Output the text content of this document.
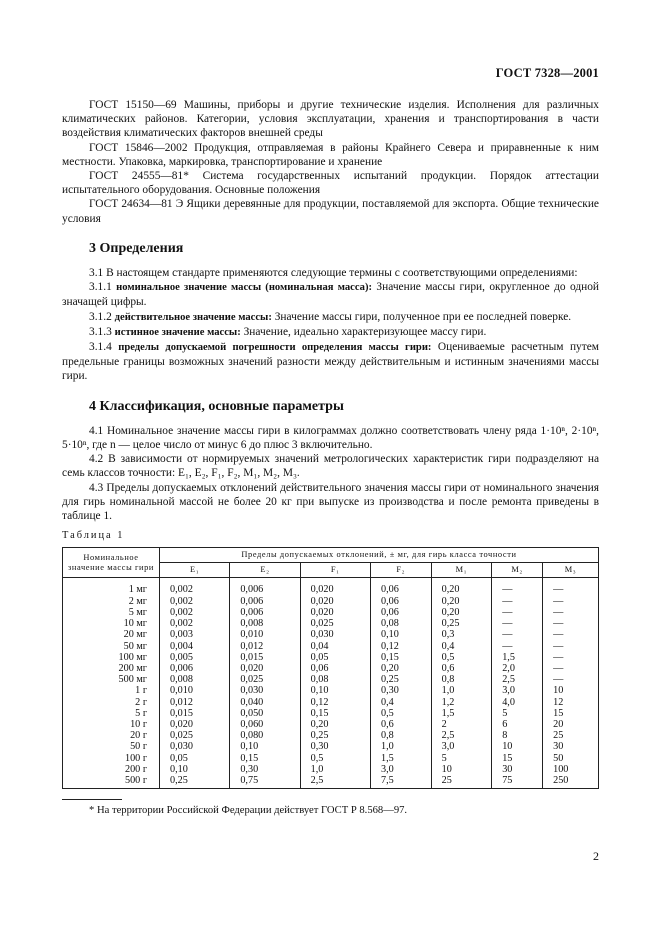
ГОСТ 7328—2001

ГОСТ 15150—69 Машины, приборы и другие технические изделия. Исполнения для различных климатических районов. Категории, условия эксплуатации, хранения и транспортирования в части воздействия климатических факторов внешней среды

ГОСТ 15846—2002 Продукция, отправляемая в районы Крайнего Севера и приравненные к ним местности. Упаковка, маркировка, транспортирование и хранение

ГОСТ 24555—81* Система государственных испытаний продукции. Порядок аттестации испытательного оборудования. Основные положения

ГОСТ 24634—81 Э Ящики деревянные для продукции, поставляемой для экспорта. Общие технические условия

3 Определения

3.1 В настоящем стандарте применяются следующие термины с соответствующими определениями:

3.1.1 номинальное значение массы (номинальная масса): Значение массы гири, округленное до одной значащей цифры.

3.1.2 действительное значение массы: Значение массы гири, полученное при ее последней поверке.

3.1.3 истинное значение массы: Значение, идеально характеризующее массу гири.

3.1.4 пределы допускаемой погрешности определения массы гири: Оцениваемые расчетным путем предельные границы возможных значений разности между действительным и истинным значениями массы гири.

4 Классификация, основные параметры

4.1 Номинальное значение массы гири в килограммах должно соответствовать члену ряда 1·10ⁿ, 2·10ⁿ, 5·10ⁿ, где n — целое число от минус 6 до плюс 3 включительно.

4.2 В зависимости от нормируемых значений метрологических характеристик гири подразделяют на семь классов точности: E₁, E₂, F₁, F₂, M₁, M₂, M₃.

4.3 Пределы допускаемых отклонений действительного значения массы гири от номинального значения для гирь номинальной массой не более 20 кг при выпуске из производства и после ремонта приведены в таблице 1.

Таблица 1
Номинальное значение массы гири	Пределы допускаемых отклонений, ± мг, для гирь класса точности						
	E₁	E₂	F₁	F₂	M₁	M₂	M₃
1 мг	0,002	0,006	0,020	0,06	0,20	—	—
2 мг	0,002	0,006	0,020	0,06	0,20	—	—
5 мг	0,002	0,006	0,020	0,06	0,20	—	—
10 мг	0,002	0,008	0,025	0,08	0,25	—	—
20 мг	0,003	0,010	0,030	0,10	0,3	—	—
50 мг	0,004	0,012	0,04	0,12	0,4	—	—
100 мг	0,005	0,015	0,05	0,15	0,5	1,5	—
200 мг	0,006	0,020	0,06	0,20	0,6	2,0	—
500 мг	0,008	0,025	0,08	0,25	0,8	2,5	—
1 г	0,010	0,030	0,10	0,30	1,0	3,0	10
2 г	0,012	0,040	0,12	0,4	1,2	4,0	12
5 г	0,015	0,050	0,15	0,5	1,5	5	15
10 г	0,020	0,060	0,20	0,6	2	6	20
20 г	0,025	0,080	0,25	0,8	2,5	8	25
50 г	0,030	0,10	0,30	1,0	3,0	10	30
100 г	0,05	0,15	0,5	1,5	5	15	50
200 г	0,10	0,30	1,0	3,0	10	30	100
500 г	0,25	0,75	2,5	7,5	25	75	250

* На территории Российской Федерации действует ГОСТ Р 8.568—97.

2
